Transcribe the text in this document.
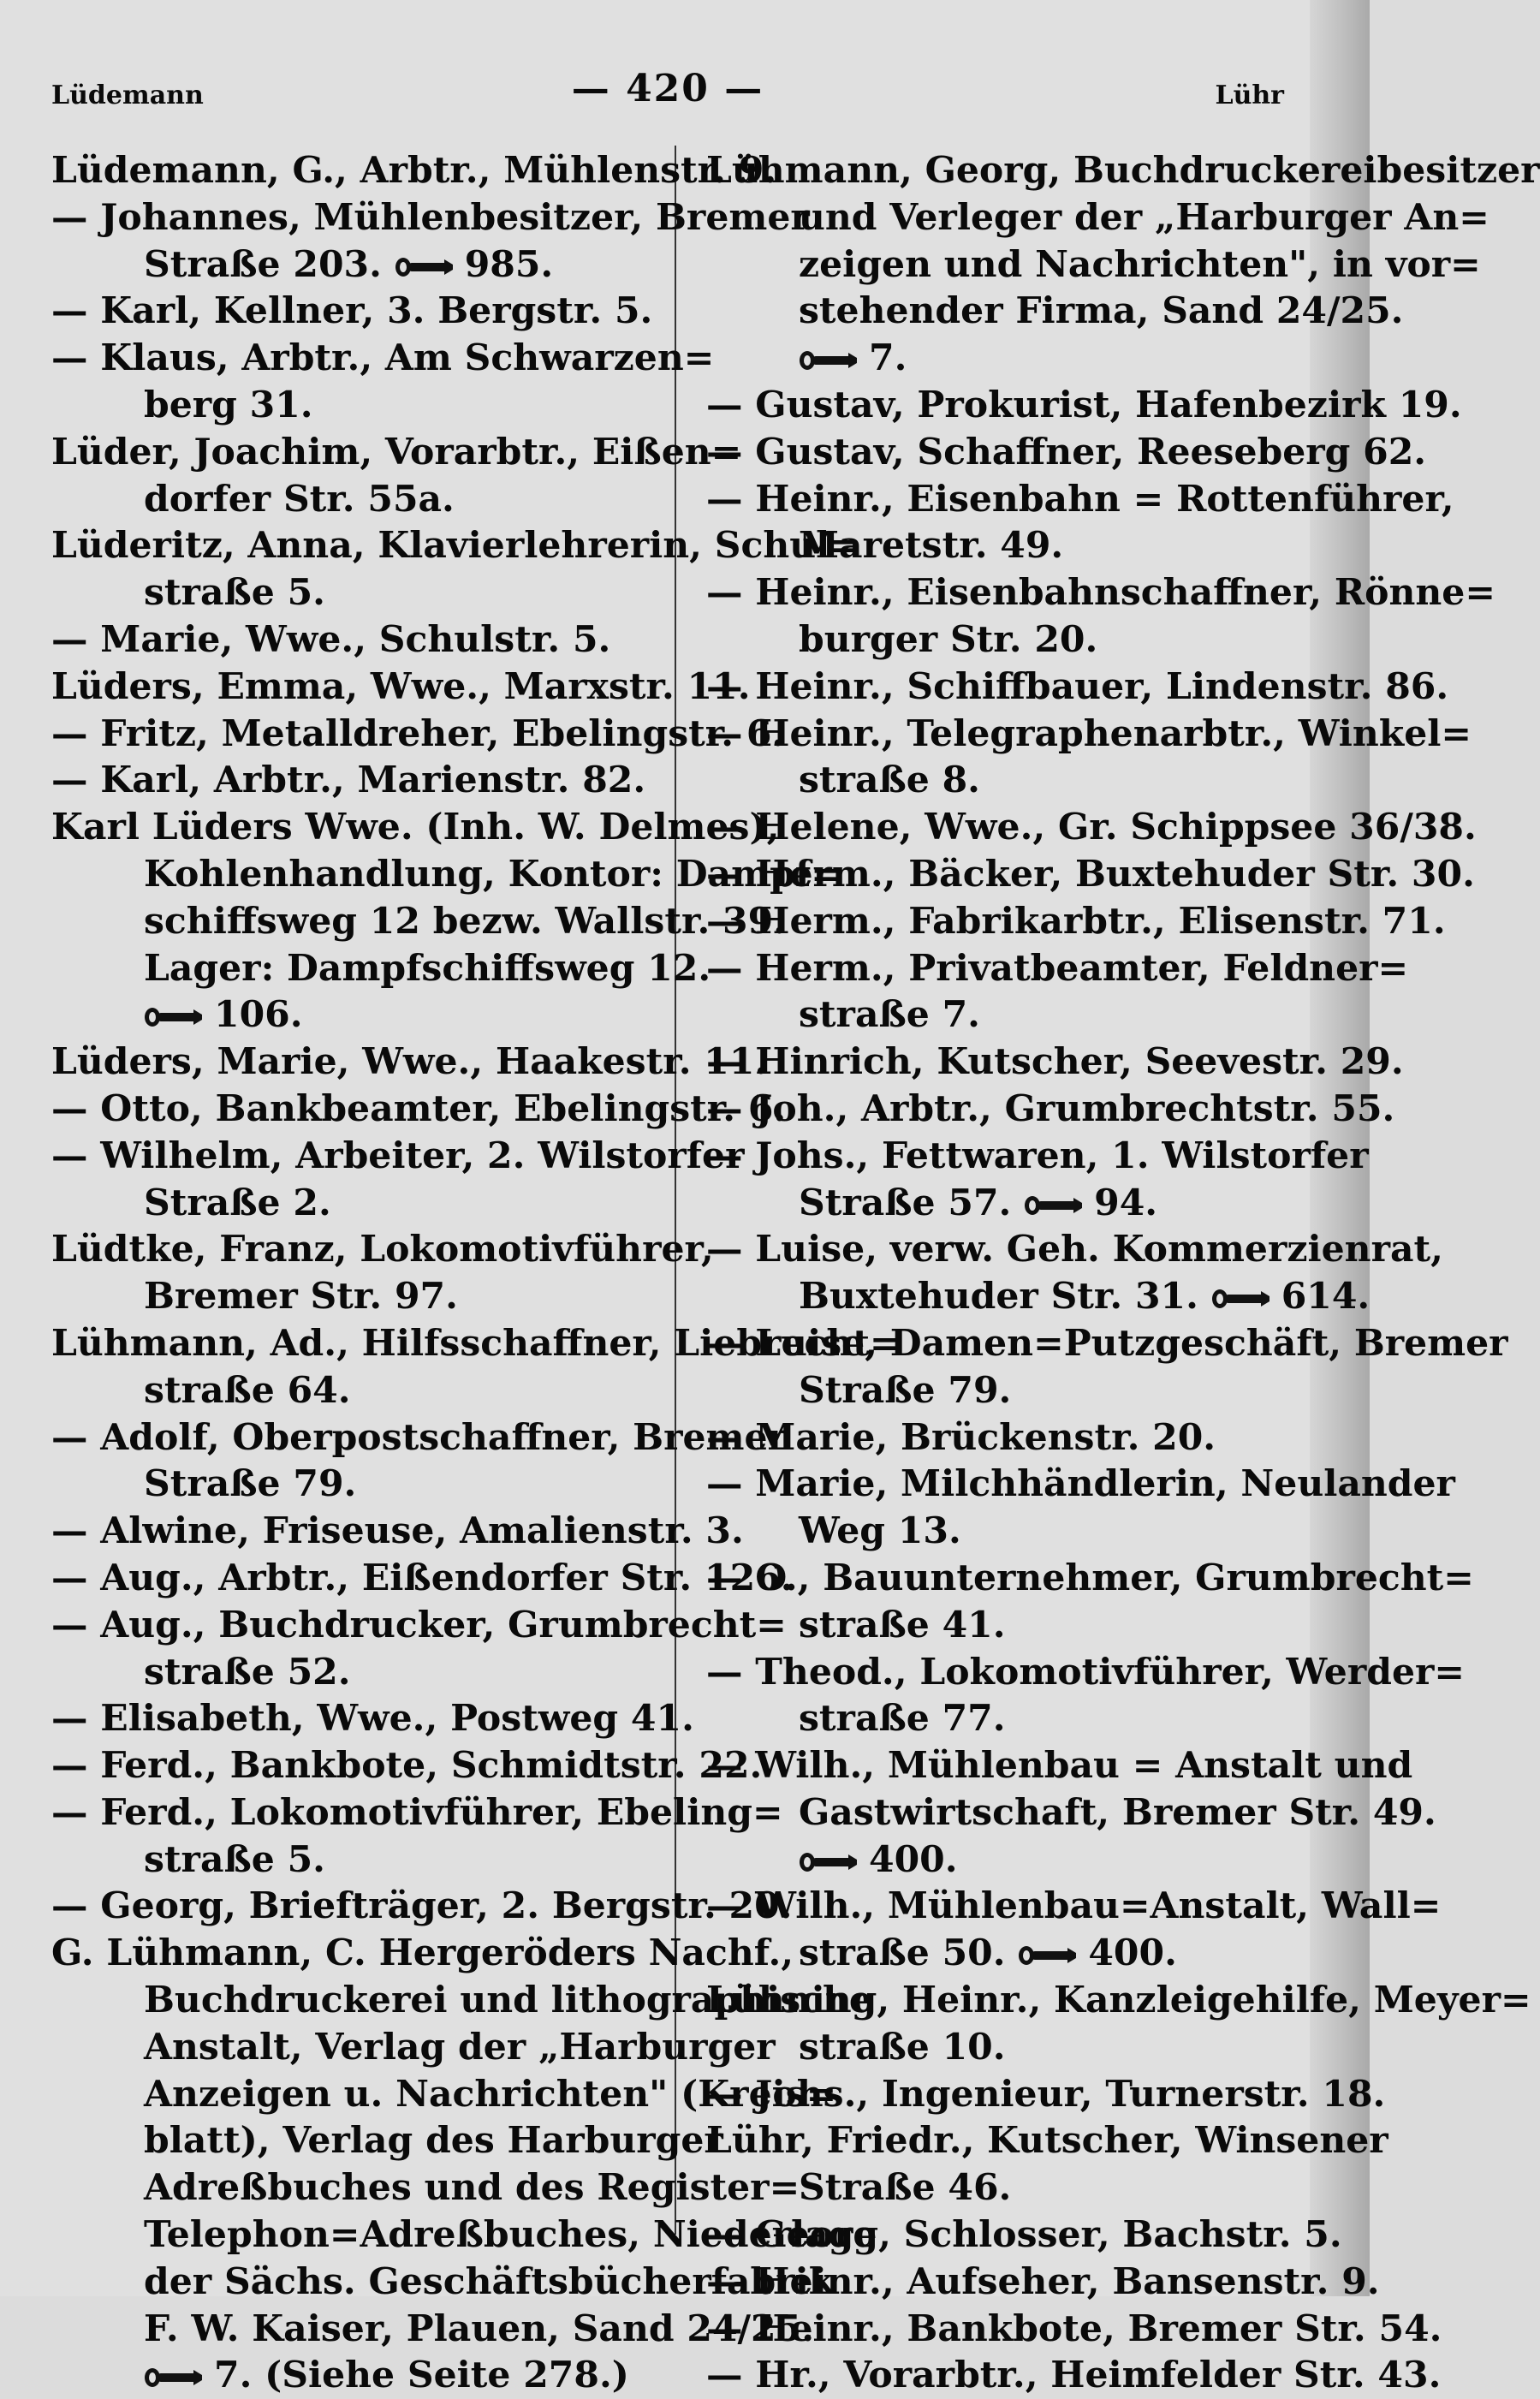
Lüdemann	— 420 —	Lühr
Lüdemann, G., Arbtr., Mühlenstr. 9.
— Johannes, Mühlenbesitzer, Bremer
Straße 203. 985.
— Karl, Kellner, 3. Bergstr. 5.
— Klaus, Arbtr., Am Schwarzen=
berg 31.
Lüder, Joachim, Vorarbtr., Eißen=
dorfer Str. 55a.
Lüderitz, Anna, Klavierlehrerin, Schul=
straße 5.
— Marie, Wwe., Schulstr. 5.
Lüders, Emma, Wwe., Marxstr. 11.
— Fritz, Metalldreher, Ebelingstr. 6.
— Karl, Arbtr., Marienstr. 82.
Karl Lüders Wwe. (Inh. W. Delmes),
Kohlenhandlung, Kontor: Dampf=
schiffsweg 12 bezw. Wallstr. 39.
Lager: Dampfschiffsweg 12.
106.
Lüders, Marie, Wwe., Haakestr. 11.
— Otto, Bankbeamter, Ebelingstr. 6.
— Wilhelm, Arbeiter, 2. Wilstorfer
Straße 2.
Lüdtke, Franz, Lokomotivführer,
Bremer Str. 97.
Lühmann, Ad., Hilfsschaffner, Liebrecht=
straße 64.
— Adolf, Oberpostschaffner, Bremer
Straße 79.
— Alwine, Friseuse, Amalienstr. 3.
— Aug., Arbtr., Eißendorfer Str. 126.
— Aug., Buchdrucker, Grumbrecht=
straße 52.
— Elisabeth, Wwe., Postweg 41.
— Ferd., Bankbote, Schmidtstr. 22.
— Ferd., Lokomotivführer, Ebeling=
straße 5.
— Georg, Briefträger, 2. Bergstr. 20.
G. Lühmann, C. Hergeröders Nachf.,
Buchdruckerei und lithographische
Anstalt, Verlag der „Harburger
Anzeigen u. Nachrichten" (Kreis=
blatt), Verlag des Harburger
Adreßbuches und des Register=
Telephon=Adreßbuches, Niederlage
der Sächs. Geschäftsbücherfabrik
F. W. Kaiser, Plauen, Sand 24/25.
7. (Siehe Seite 278.)
Lühmann, Georg, Buchdruckereibesitzer
und Verleger der „Harburger An=
zeigen und Nachrichten", in vor=
stehender Firma, Sand 24/25.
7.
— Gustav, Prokurist, Hafenbezirk 19.
— Gustav, Schaffner, Reeseberg 62.
— Heinr., Eisenbahn = Rottenführer,
Maretstr. 49.
— Heinr., Eisenbahnschaffner, Rönne=
burger Str. 20.
— Heinr., Schiffbauer, Lindenstr. 86.
— Heinr., Telegraphenarbtr., Winkel=
straße 8.
— Helene, Wwe., Gr. Schippsee 36/38.
— Herm., Bäcker, Buxtehuder Str. 30.
— Herm., Fabrikarbtr., Elisenstr. 71.
— Herm., Privatbeamter, Feldner=
straße 7.
— Hinrich, Kutscher, Seevestr. 29.
— Joh., Arbtr., Grumbrechtstr. 55.
— Johs., Fettwaren, 1. Wilstorfer
Straße 57. 94.
— Luise, verw. Geh. Kommerzienrat,
Buxtehuder Str. 31. 614.
— Luise, Damen=Putzgeschäft, Bremer
Straße 79.
— Marie, Brückenstr. 20.
— Marie, Milchhändlerin, Neulander
Weg 13.
— O., Bauunternehmer, Grumbrecht=
straße 41.
— Theod., Lokomotivführer, Werder=
straße 77.
— Wilh., Mühlenbau = Anstalt und
Gastwirtschaft, Bremer Str. 49.
400.
— Wilh., Mühlenbau=Anstalt, Wall=
straße 50. 400.
Lühning, Heinr., Kanzleigehilfe, Meyer=
straße 10.
— Johs., Ingenieur, Turnerstr. 18.
Lühr, Friedr., Kutscher, Winsener
Straße 46.
— Georg, Schlosser, Bachstr. 5.
— Heinr., Aufseher, Bansenstr. 9.
— Heinr., Bankbote, Bremer Str. 54.
— Hr., Vorarbtr., Heimfelder Str. 43.
